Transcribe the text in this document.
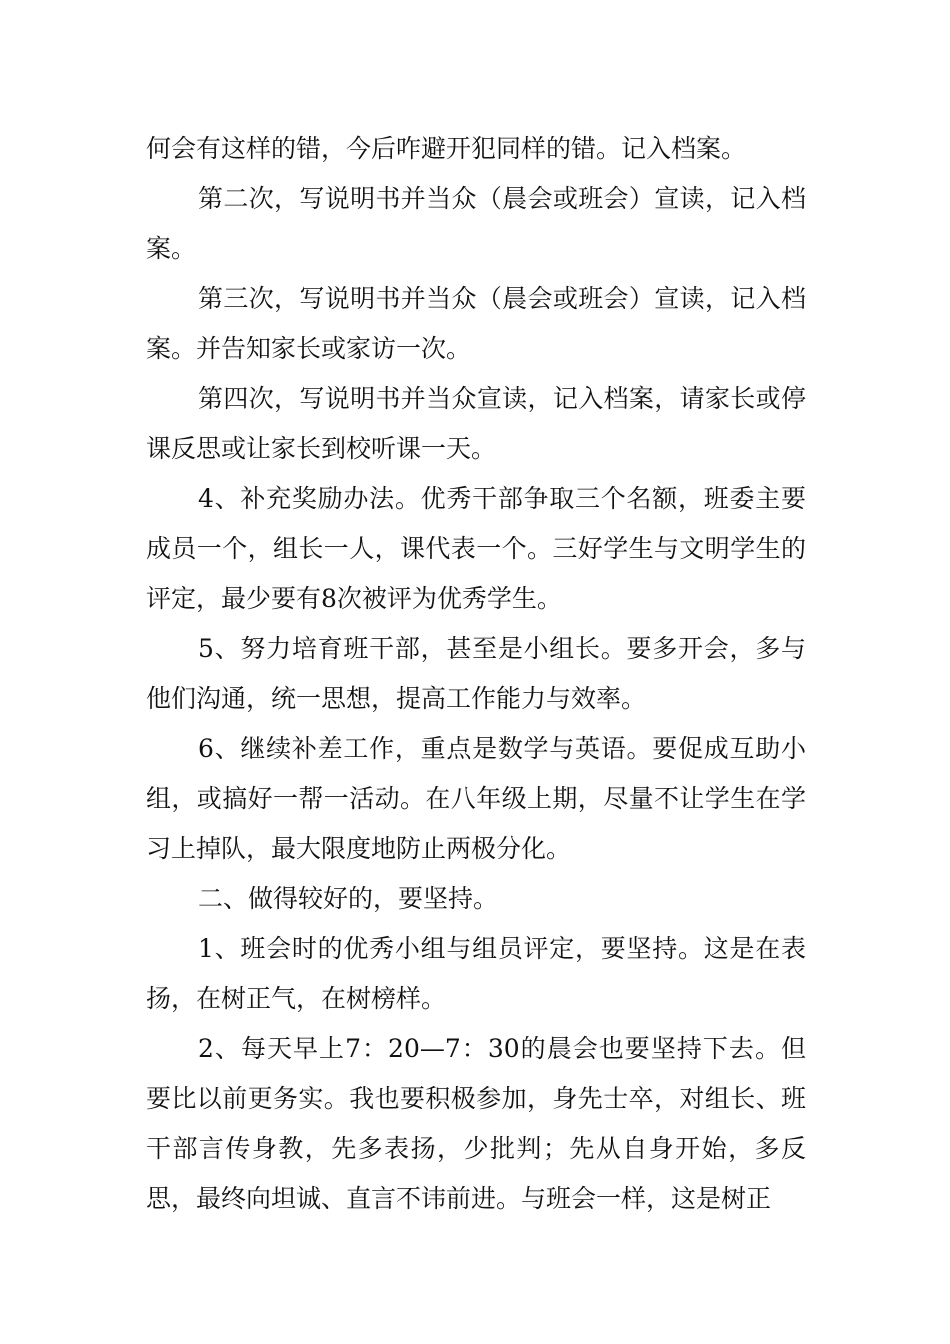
何会有这样的错，今后咋避开犯同样的错。记入档案。

第二次，写说明书并当众（晨会或班会）宣读，记入档案。

第三次，写说明书并当众（晨会或班会）宣读，记入档案。并告知家长或家访一次。

第四次，写说明书并当众宣读，记入档案，请家长或停课反思或让家长到校听课一天。

4、补充奖励办法。优秀干部争取三个名额，班委主要成员一个，组长一人，课代表一个。三好学生与文明学生的评定，最少要有8次被评为优秀学生。

5、努力培育班干部，甚至是小组长。要多开会，多与他们沟通，统一思想，提高工作能力与效率。

6、继续补差工作，重点是数学与英语。要促成互助小组，或搞好一帮一活动。在八年级上期，尽量不让学生在学习上掉队，最大限度地防止两极分化。

二、做得较好的，要坚持。

1、班会时的优秀小组与组员评定，要坚持。这是在表扬，在树正气，在树榜样。

2、每天早上7：20—7：30的晨会也要坚持下去。但要比以前更务实。我也要积极参加，身先士卒，对组长、班干部言传身教，先多表扬，少批判；先从自身开始，多反思，最终向坦诚、直言不讳前进。与班会一样，这是树正
